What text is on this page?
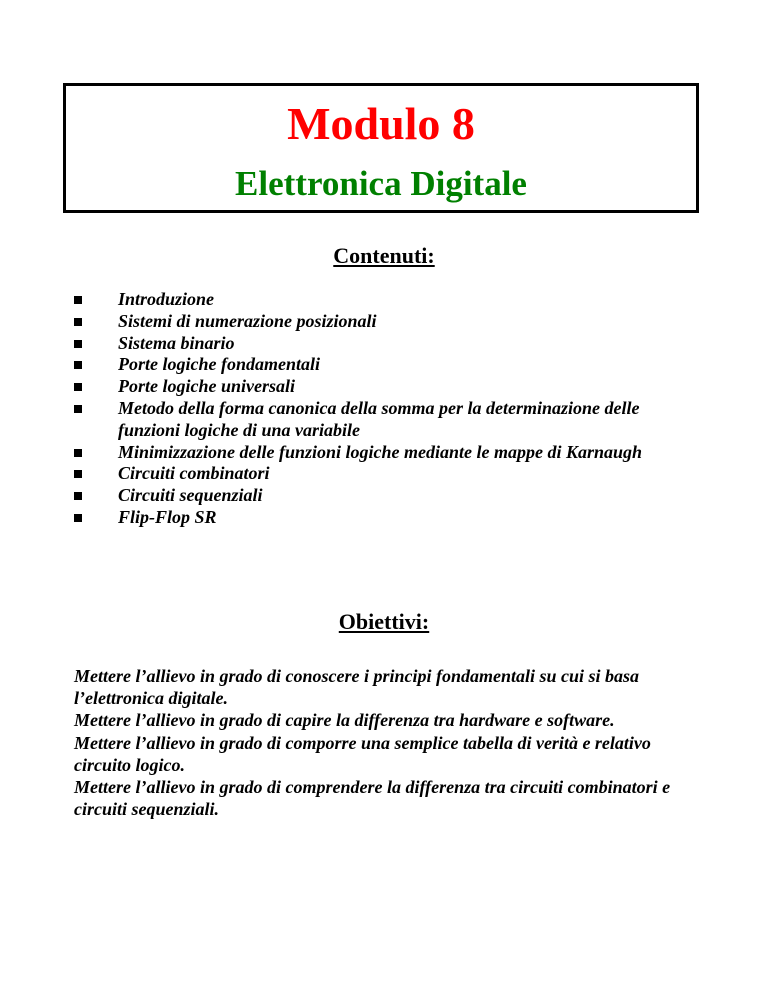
Modulo 8
Elettronica Digitale
Contenuti:
Introduzione
Sistemi di numerazione posizionali
Sistema binario
Porte logiche fondamentali
Porte logiche universali
Metodo della forma canonica della somma per la determinazione delle funzioni logiche di una variabile
Minimizzazione delle funzioni logiche mediante le mappe di Karnaugh
Circuiti combinatori
Circuiti sequenziali
Flip-Flop SR
Obiettivi:

Mettere l’allievo in grado di conoscere i principi fondamentali su cui si basa l’elettronica digitale.

Mettere l’allievo in grado di capire la differenza tra hardware e software.

Mettere l’allievo in grado di comporre una semplice tabella di verità e relativo circuito logico.

Mettere l’allievo in grado di comprendere la differenza tra circuiti combinatori e circuiti sequenziali.
